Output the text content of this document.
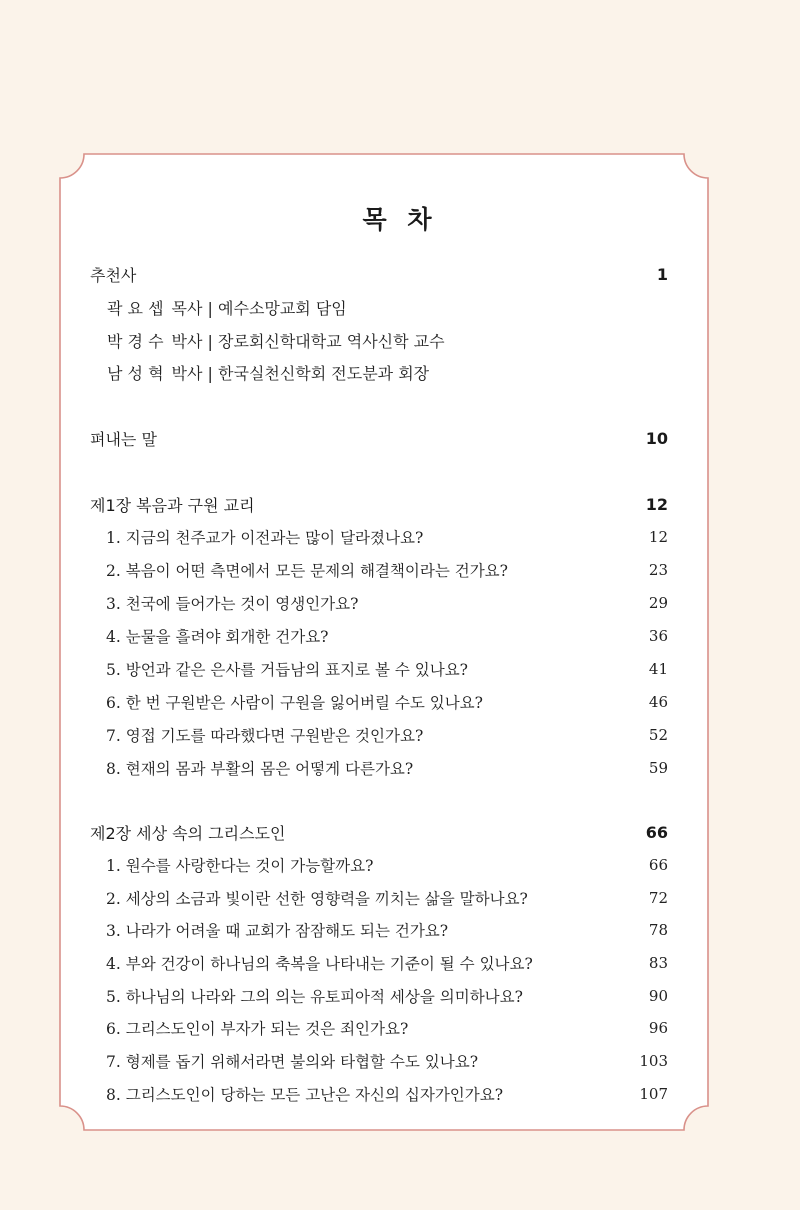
목 차
추천사	1
곽 요 셉 목사 | 예수소망교회 담임
박 경 수 박사 | 장로회신학대학교 역사신학 교수
남 성 혁 박사 | 한국실천신학회 전도분과 회장
펴내는 말	10
제1장 복음과 구원 교리	12
1. 지금의 천주교가 이전과는 많이 달라졌나요?	12
2. 복음이 어떤 측면에서 모든 문제의 해결책이라는 건가요?	23
3. 천국에 들어가는 것이 영생인가요?	29
4. 눈물을 흘려야 회개한 건가요?	36
5. 방언과 같은 은사를 거듭남의 표지로 볼 수 있나요?	41
6. 한 번 구원받은 사람이 구원을 잃어버릴 수도 있나요?	46
7. 영접 기도를 따라했다면 구원받은 것인가요?	52
8. 현재의 몸과 부활의 몸은 어떻게 다른가요?	59
제2장 세상 속의 그리스도인	66
1. 원수를 사랑한다는 것이 가능할까요?	66
2. 세상의 소금과 빛이란 선한 영향력을 끼치는 삶을 말하나요?	72
3. 나라가 어려울 때 교회가 잠잠해도 되는 건가요?	78
4. 부와 건강이 하나님의 축복을 나타내는 기준이 될 수 있나요?	83
5. 하나님의 나라와 그의 의는 유토피아적 세상을 의미하나요?	90
6. 그리스도인이 부자가 되는 것은 죄인가요?	96
7. 형제를 돕기 위해서라면 불의와 타협할 수도 있나요?	103
8. 그리스도인이 당하는 모든 고난은 자신의 십자가인가요?	107
